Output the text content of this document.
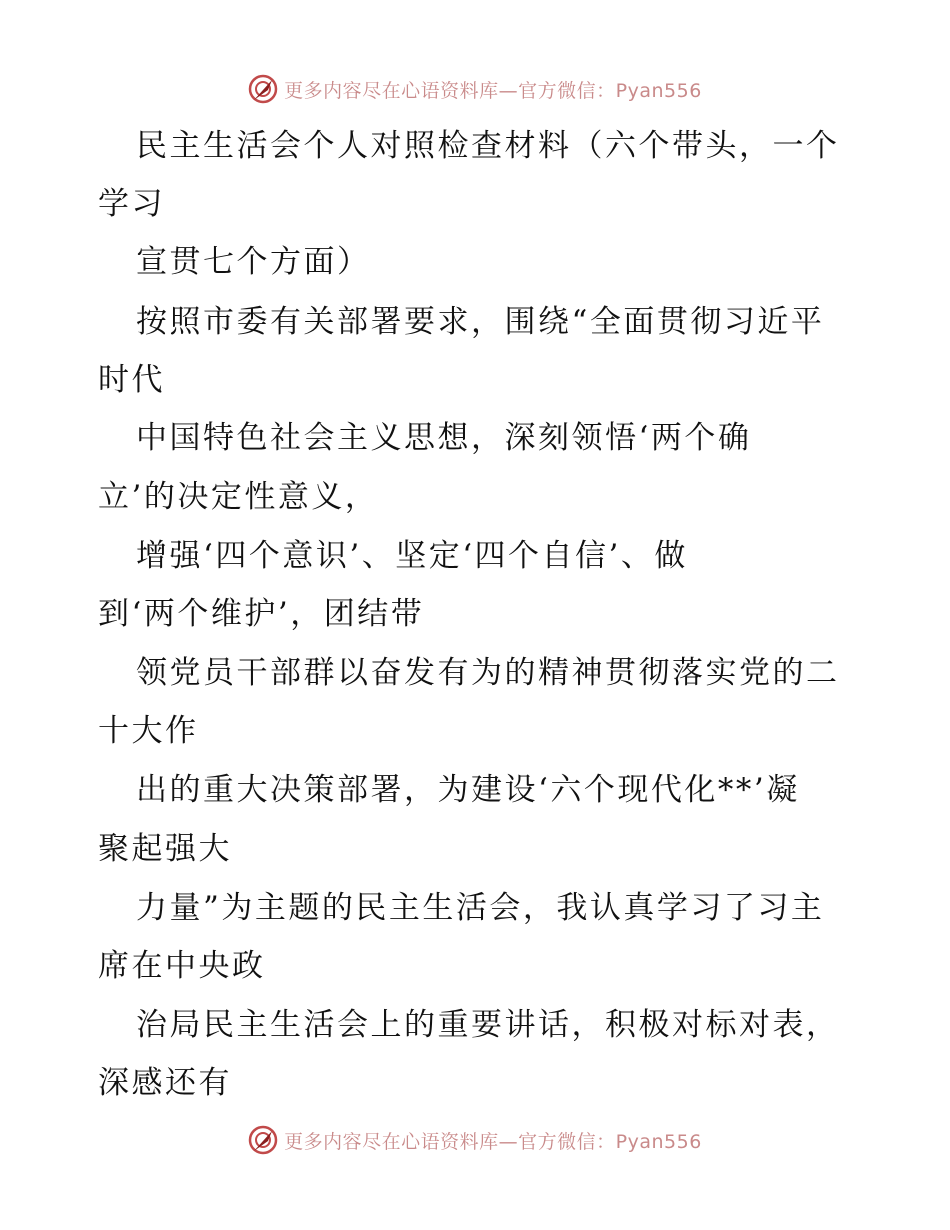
更多内容尽在心语资料库—官方微信：Pyan556
民主生活会个人对照检查材料（六个带头，一个
学习
宣贯七个方面）
按照市委有关部署要求，围绕“全面贯彻习近平
时代
中国特色社会主义思想，深刻领悟‘两个确
立’的决定性意义，
增强‘四个意识’、坚定‘四个自信’、做
到‘两个维护’，团结带
领党员干部群以奋发有为的精神贯彻落实党的二
十大作
出的重大决策部署，为建设‘六个现代化**’凝
聚起强大
力量”为主题的民主生活会，我认真学习了习主
席在中央政
治局民主生活会上的重要讲话，积极对标对表，
深感还有
更多内容尽在心语资料库—官方微信：Pyan556
